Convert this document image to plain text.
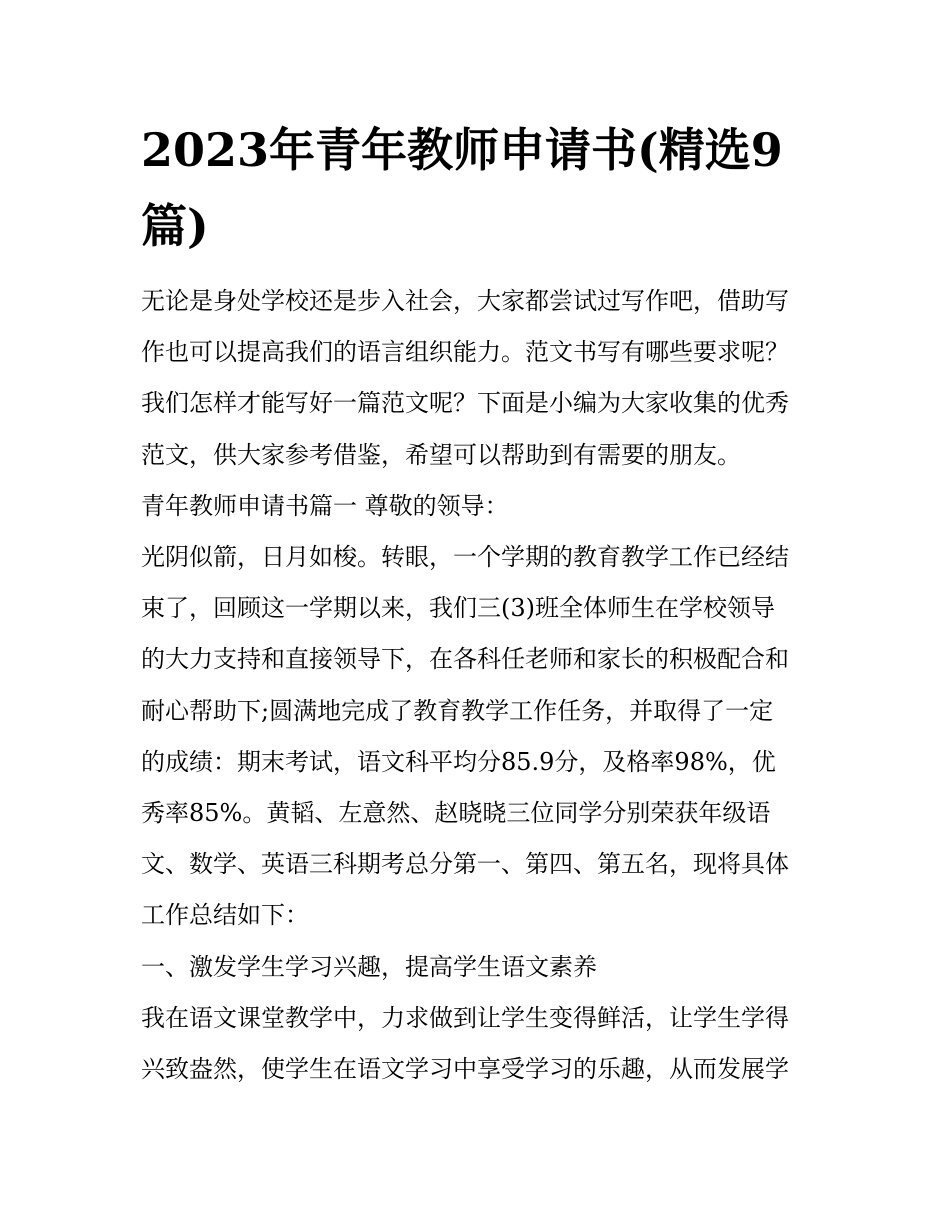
2023年青年教师申请书(精选9
篇)

无论是身处学校还是步入社会，大家都尝试过写作吧，借助写

作也可以提高我们的语言组织能力。范文书写有哪些要求呢？

我们怎样才能写好一篇范文呢？下面是小编为大家收集的优秀

范文，供大家参考借鉴，希望可以帮助到有需要的朋友。

青年教师申请书篇一 尊敬的领导：

光阴似箭，日月如梭。转眼，一个学期的教育教学工作已经结

束了，回顾这一学期以来，我们三(3)班全体师生在学校领导

的大力支持和直接领导下，在各科任老师和家长的积极配合和

耐心帮助下;圆满地完成了教育教学工作任务，并取得了一定

的成绩：期末考试，语文科平均分85.9分，及格率98%，优

秀率85%。黄韬、左意然、赵晓晓三位同学分别荣获年级语

文、数学、英语三科期考总分第一、第四、第五名，现将具体

工作总结如下：

一、激发学生学习兴趣，提高学生语文素养

我在语文课堂教学中，力求做到让学生变得鲜活，让学生学得

兴致盎然，使学生在语文学习中享受学习的乐趣，从而发展学
